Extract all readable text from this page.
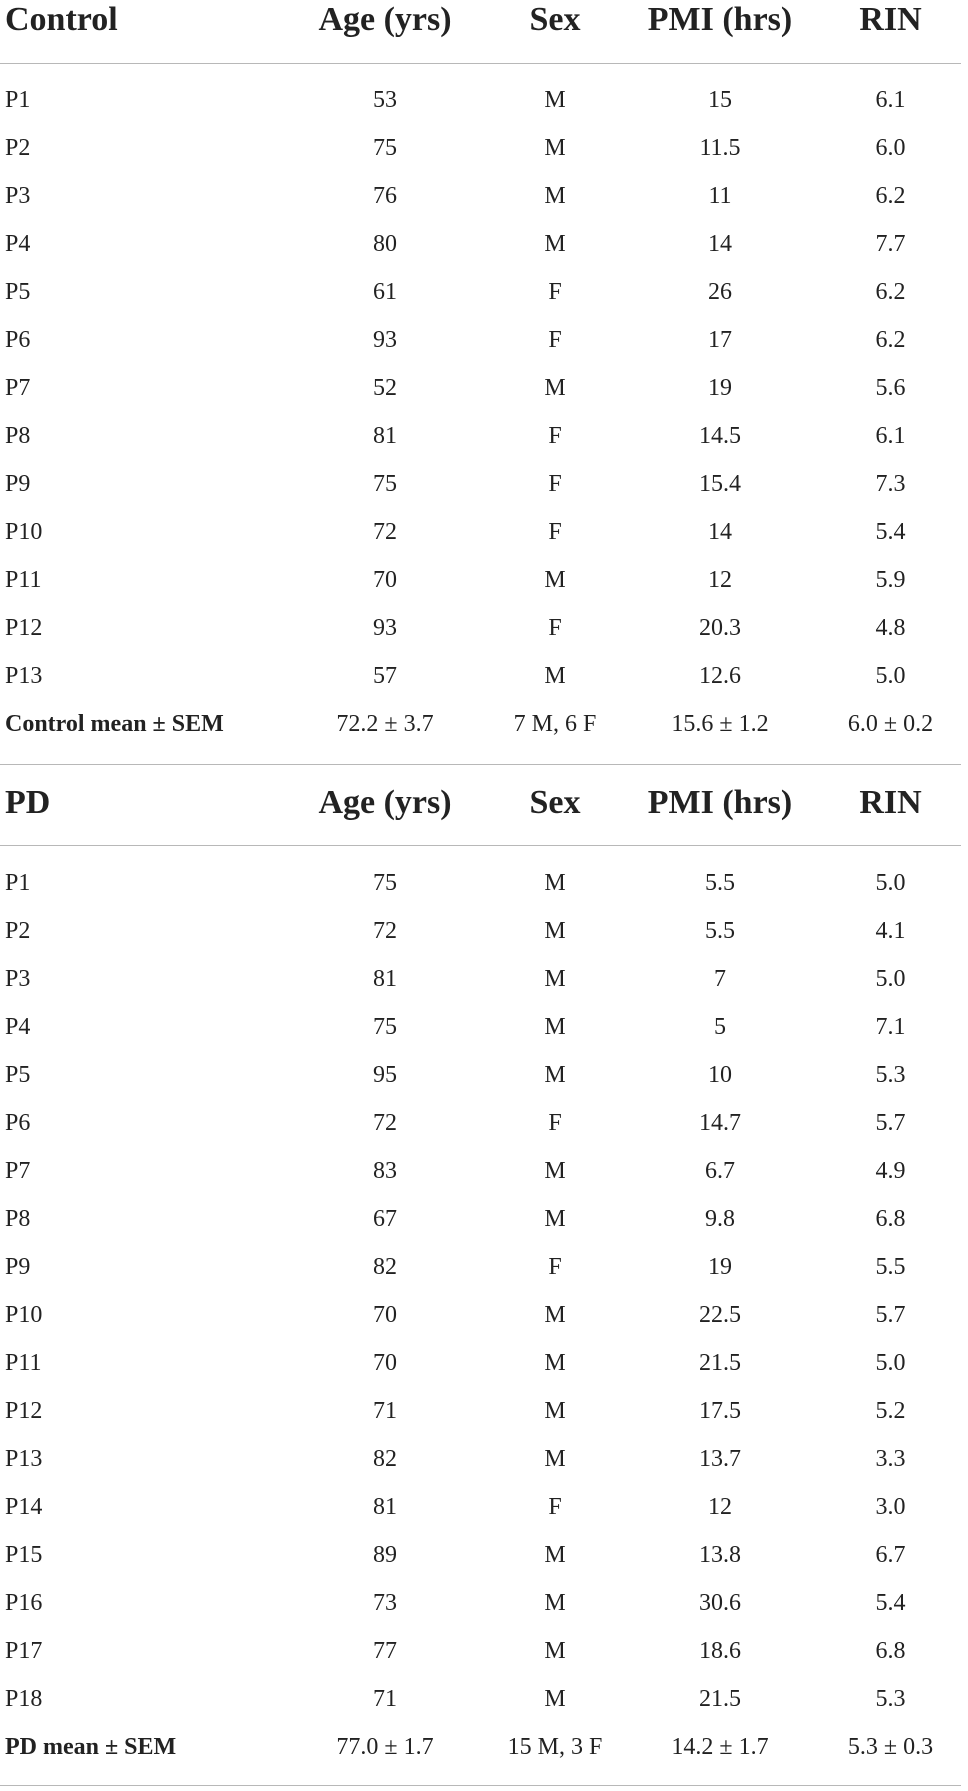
Control	Age (yrs)	Sex	PMI (hrs)	RIN

P1	53	M	15	6.1
P2	75	M	11.5	6.0
P3	76	M	11	6.2
P4	80	M	14	7.7
P5	61	F	26	6.2
P6	93	F	17	6.2
P7	52	M	19	5.6
P8	81	F	14.5	6.1
P9	75	F	15.4	7.3
P10	72	F	14	5.4
P11	70	M	12	5.9
P12	93	F	20.3	4.8
P13	57	M	12.6	5.0
Control mean ± SEM	72.2 ± 3.7	7 M, 6 F	15.6 ± 1.2	6.0 ± 0.2
PD	Age (yrs)	Sex	PMI (hrs)	RIN

P1	75	M	5.5	5.0
P2	72	M	5.5	4.1
P3	81	M	7	5.0
P4	75	M	5	7.1
P5	95	M	10	5.3
P6	72	F	14.7	5.7
P7	83	M	6.7	4.9
P8	67	M	9.8	6.8
P9	82	F	19	5.5
P10	70	M	22.5	5.7
P11	70	M	21.5	5.0
P12	71	M	17.5	5.2
P13	82	M	13.7	3.3
P14	81	F	12	3.0
P15	89	M	13.8	6.7
P16	73	M	30.6	5.4
P17	77	M	18.6	6.8
P18	71	M	21.5	5.3
PD mean ± SEM	77.0 ± 1.7	15 M, 3 F	14.2 ± 1.7	5.3 ± 0.3
